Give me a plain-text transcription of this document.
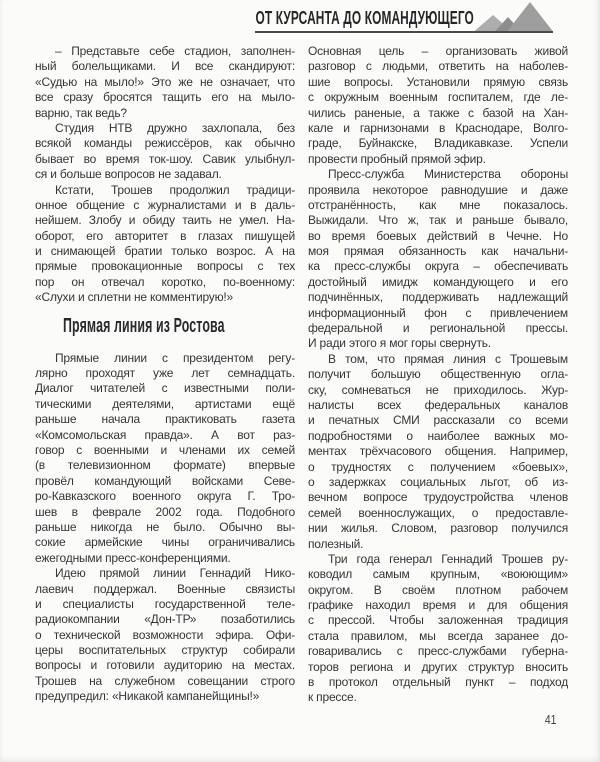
ОТ КУРСАНТА ДО КОМАНДУЮЩЕГО
– Представьте себе стадион, заполнен-
ный болельщиками. И все скандируют:
«Судью на мыло!» Это же не означает, что
все сразу бросятся тащить его на мыло-
варню, так ведь?
Студия НТВ дружно захлопала, без
всякой команды режиссёров, как обычно
бывает во время ток-шоу. Савик улыбнул-
ся и больше вопросов не задавал.
Кстати, Трошев продолжил традици-
онное общение с журналистами и в даль-
нейшем. Злобу и обиду таить не умел. На-
оборот, его авторитет в глазах пишущей
и снимающей братии только возрос. А на
прямые провокационные вопросы с тех
пор он отвечал коротко, по-военному:
«Слухи и сплетни не комментирую!»
Прямая линия из Ростова
Прямые линии с президентом регу-
лярно проходят уже лет семнадцать.
Диалог читателей с известными поли-
тическими деятелями, артистами ещё
раньше начала практиковать газета
«Комсомольская правда». А вот раз-
говор с военными и членами их семей
(в телевизионном формате) впервые
провёл командующий войсками Севе-
ро-Кавказского военного округа Г. Тро-
шев в феврале 2002 года. Подобного
раньше никогда не было. Обычно вы-
сокие армейские чины ограничивались
ежегодными пресс-конференциями.
Идею прямой линии Геннадий Нико-
лаевич поддержал. Военные связисты
и специалисты государственной теле-
радиокомпании «Дон-ТР» позаботились
о технической возможности эфира. Офи-
церы воспитательных структур собирали
вопросы и готовили аудиторию на местах.
Трошев на служебном совещании строго
предупредил: «Никакой кампанейщины!»
Основная цель – организовать живой
разговор с людьми, ответить на наболев-
шие вопросы. Установили прямую связь
с окружным военным госпиталем, где ле-
чились раненые, а также с базой на Хан-
кале и гарнизонами в Краснодаре, Волго-
граде, Буйнакске, Владикавказе. Успели
провести пробный прямой эфир.
Пресс-служба Министерства обороны
проявила некоторое равнодушие и даже
отстранённость, как мне показалось.
Выжидали. Что ж, так и раньше бывало,
во время боевых действий в Чечне. Но
моя прямая обязанность как начальни-
ка пресс-службы округа – обеспечивать
достойный имидж командующего и его
подчинённых, поддерживать надлежащий
информационный фон с привлечением
федеральной и региональной прессы.
И ради этого я мог горы свернуть.
В том, что прямая линия с Трошевым
получит большую общественную огла-
ску, сомневаться не приходилось. Жур-
налисты всех федеральных каналов
и печатных СМИ рассказали со всеми
подробностями о наиболее важных мо-
ментах трёхчасового общения. Например,
о трудностях с получением «боевых»,
о задержках социальных льгот, об из-
вечном вопросе трудоустройства членов
семей военнослужащих, о предоставле-
нии жилья. Словом, разговор получился
полезный.
Три года генерал Геннадий Трошев ру-
ководил самым крупным, «воюющим»
округом. В своём плотном рабочем
графике находил время и для общения
с прессой. Чтобы заложенная традиция
стала правилом, мы всегда заранее до-
говаривались с пресс-службами губерна-
торов региона и других структур вносить
в протокол отдельный пункт – подход
к прессе.
41
